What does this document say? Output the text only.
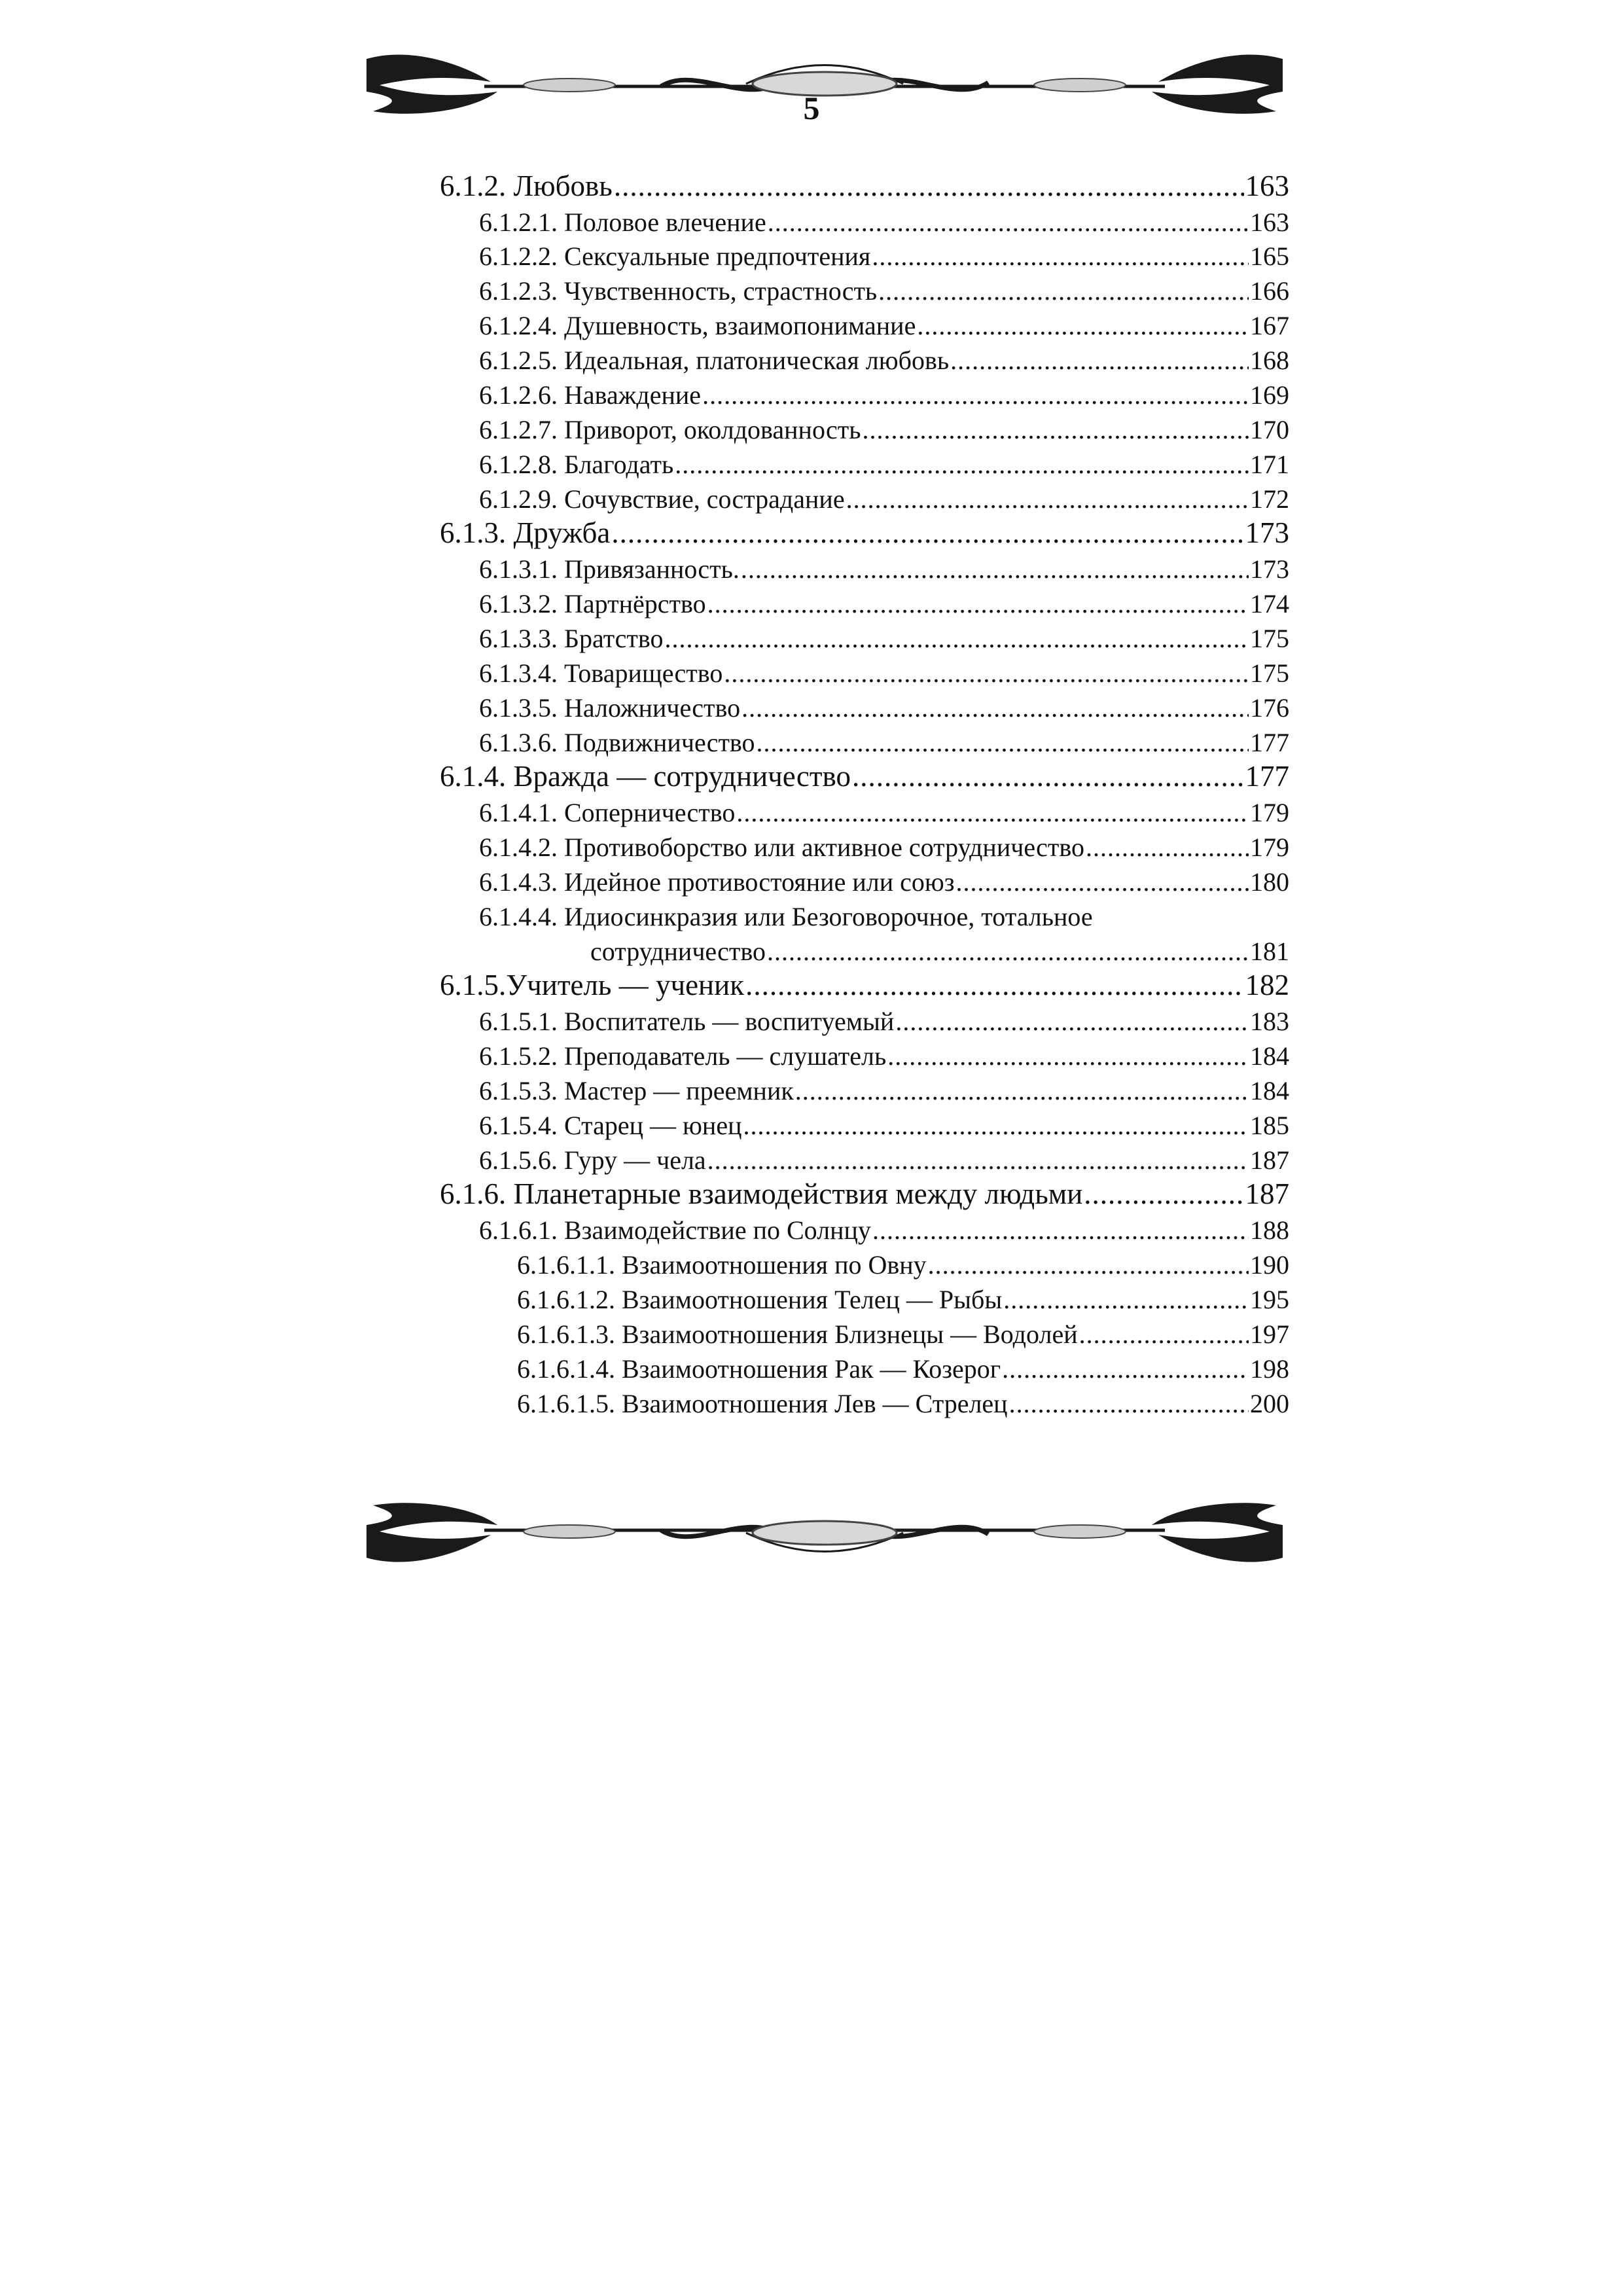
5
6.1.2. Любовь .....	163
6.1.2.1. Половое влечение .....	163
6.1.2.2. Сексуальные предпочтения .....	165
6.1.2.3. Чувственность, страстность .....	166
6.1.2.4. Душевность, взаимопонимание .....	167
6.1.2.5. Идеальная, платоническая любовь .....	168
6.1.2.6. Наваждение .....	169
6.1.2.7. Приворот, околдованность .....	170
6.1.2.8. Благодать .....	171
6.1.2.9. Сочувствие, сострадание .....	172
6.1.3. Дружба .....	173
6.1.3.1. Привязанность. .....	173
6.1.3.2. Партнёрство .....	174
6.1.3.3. Братство .....	175
6.1.3.4. Товарищество .....	175
6.1.3.5. Наложничество .....	176
6.1.3.6. Подвижничество .....	177
6.1.4. Вражда — сотрудничество .....	177
6.1.4.1. Соперничество .....	179
6.1.4.2. Противоборство или активное сотрудничество .....	179
6.1.4.3. Идейное противостояние или союз .....	180
6.1.4.4. Идиосинкразия или Безоговорочное, тотальное
сотрудничество .....	181
6.1.5.Учитель — ученик .....	182
6.1.5.1. Воспитатель — воспитуемый .....	183
6.1.5.2. Преподаватель — слушатель .....	184
6.1.5.3. Мастер — преемник .....	184
6.1.5.4. Старец — юнец .....	185
6.1.5.6. Гуру — чела .....	187
6.1.6. Планетарные взаимодействия между людьми .....	187
6.1.6.1. Взаимодействие по Солнцу .....	188
6.1.6.1.1. Взаимоотношения по Овну .....	190
6.1.6.1.2. Взаимоотношения Телец — Рыбы .....	195
6.1.6.1.3. Взаимоотношения Близнецы — Водолей .....	197
6.1.6.1.4. Взаимоотношения Рак — Козерог .....	198
6.1.6.1.5. Взаимоотношения Лев — Стрелец .....	200
